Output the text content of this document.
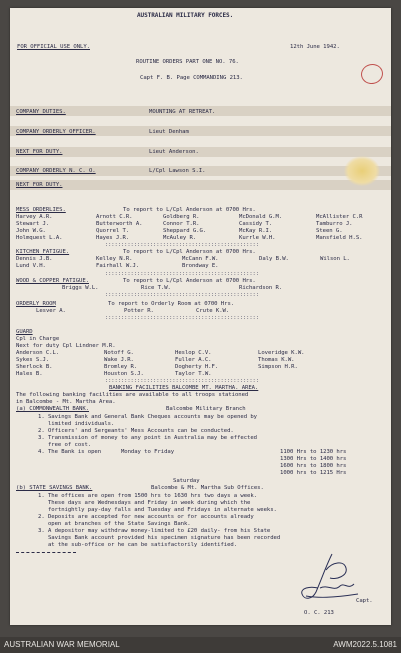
AUSTRALIAN MILITARY FORCES.
FOR OFFICIAL USE ONLY.	12th June 1942.
ROUTINE ORDERS PART ONE NO. 76.
Capt F. B. Page COMMANDING 213.
COMPANY DUTIES.	MOUNTING AT RETREAT.
COMPANY ORDERLY OFFICER.	Lieut Denham
NEXT FOR DUTY.	Lieut Anderson.
COMPANY ORDERLY N. C. O.	L/Cpl Lawson S.I.
NEXT FOR DUTY.
MESS ORDERLIES.	To report to L/Cpl Anderson at 0700 Hrs.
Harvey A.R.	Arnott C.R.	Goldberg R.	McDonald G.M.	McAllister C.R
Stewart J.	Butterworth A.	Connor T.R.	Cassidy T.	Tamburro J.
John W.G.	Quorrel T.	Sheppard G.G.	McKay R.I.	Steen G.
Holmquest L.A.	Hayes J.R.	McAuley R.	Kurrle W.H.	Mansfield H.S.
::::::::::::::::::::::::::::::::::::::::::::::::
KITCHEN FATIGUE.	To report to L/Cpl Anderson at 0700 Hrs.
Dennis J.B.	Kelley N.R.	McCann F.W.	Daly B.W.	Wilson L.
Lund V.H.	Fairhall W.J.	Brondway E.
::::::::::::::::::::::::::::::::::::::::::::::::
WOOD & COPPER FATIGUE.	To report to L/Cpl Anderson at 0700 Hrs.
Briggs W.L.	Rice T.W.	Richardson R.
::::::::::::::::::::::::::::::::::::::::::::::::
ORDERLY ROOM	To report to Orderly Room at 0700 Hrs.
Lesver A.	Potter R.	Crute K.W.
::::::::::::::::::::::::::::::::::::::::::::::::
GUARD
Cpl in Charge
Next for duty Cpl Lindner M.R.
Anderson C.L.	Notoff G.	Heslop C.V.	Loveridge K.W.
Sykes S.J.	Wake J.R.	Fuller A.C.	Thomas K.W.
Sherlock B.	Bromley R.	Dogherty H.F.	Simpson H.R.
Hales B.	Houston S.J.	Taylor T.W.
::::::::::::::::::::::::::::::::::::::::::::::::
BANKING FACILITIES BALCOMBE MT. MARTHA. AREA.
The following banking facilities are available to all troops stationed
in Balcombe - Mt. Martha Area.
(a) COMMONWEALTH BANK.	Balcombe Military Branch
1. Savings Bank and General Bank Cheques accounts may be opened by
limited individuals.
2. Officers' and Sergeants' Mess Accounts can be conducted.
3. Transmission of money to any point in Australia may be effected
free of cost.
4. The Bank is open      Monday to Friday	1100 Hrs to 1230 hrs
1300 Hrs to 1400 hrs
1600 hrs to 1800 hrs
1000 hrs to 1215 Hrs
Saturday
(b) STATE SAVINGS BANK.	Balcombe & Mt. Martha Sub Offices.
1. The offices are open from 1500 hrs to 1630 hrs two days a week.
These days are Wednesdays and Friday in week during which the
fortnightly pay-day falls and Tuesday and Fridays in alternate weeks.
2. Deposits are accepted for new accounts or for accounts already
open at branches of the State Savings Bank.
3. A depositor may withdraw money-limited to £20 daily- from his State
Savings Bank account provided his specimen signature has been recorded
at the sub-office or he can be satisfactorily identified.
Capt.
O. C. 213
AUSTRALIAN WAR MEMORIAL	AWM2022.5.1081
